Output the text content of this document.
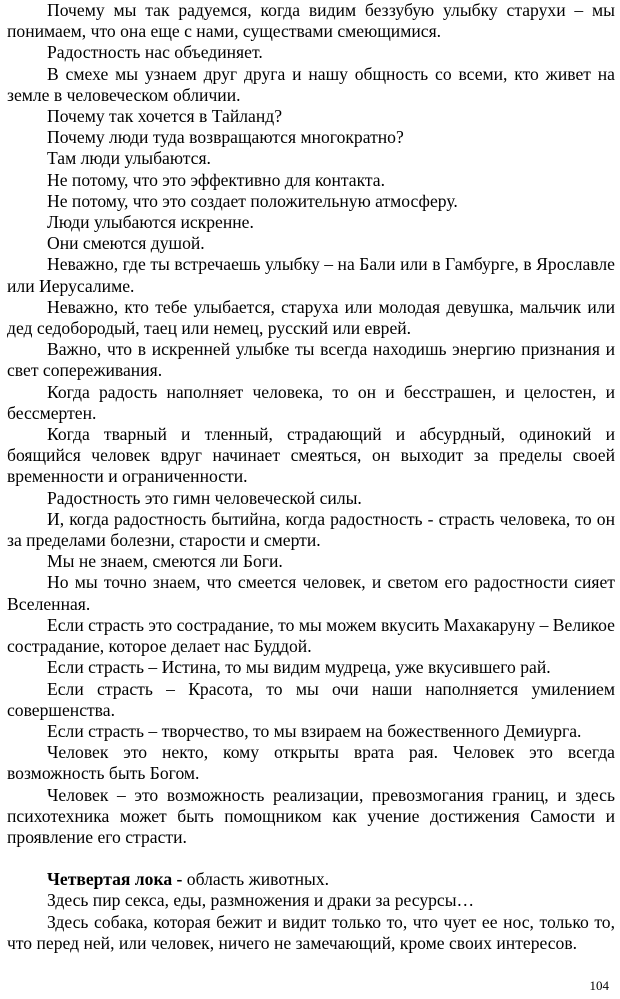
Почему мы так радуемся, когда видим беззубую улыбку старухи – мы понимаем, что она еще с нами, существами смеющимися.

Радостность нас объединяет.

В смехе мы узнаем друг друга и нашу общность со всеми, кто живет на земле в человеческом обличии.

Почему так хочется в Тайланд?

Почему люди туда возвращаются многократно?

Там люди улыбаются.

Не потому, что это эффективно для контакта.

Не потому, что это создает положительную атмосферу.

Люди улыбаются искренне.

Они смеются душой.

Неважно, где ты встречаешь улыбку – на Бали или в Гамбурге, в Ярославле или Иерусалиме.

Неважно, кто тебе улыбается, старуха или молодая девушка, мальчик или дед седобородый, таец или немец, русский или еврей.

Важно, что в искренней улыбке ты всегда находишь энергию признания и свет сопереживания.

Когда радость наполняет человека, то он и бесстрашен, и целостен, и бессмертен.

Когда тварный и тленный, страдающий и абсурдный, одинокий и боящийся человек вдруг начинает смеяться, он выходит за пределы своей временности и ограниченности.

Радостность это гимн человеческой силы.

И, когда радостность бытийна, когда радостность - страсть человека, то он за пределами болезни, старости и смерти.

Мы не знаем, смеются ли Боги.

Но мы точно знаем, что смеется человек, и светом его радостности сияет Вселенная.

Если страсть это сострадание, то мы можем вкусить Махакаруну – Великое сострадание, которое делает нас Буддой.

Если страсть – Истина, то мы видим мудреца, уже вкусившего рай.

Если страсть – Красота, то мы очи наши наполняется умилением совершенства.

Если страсть – творчество, то мы взираем на божественного Демиурга.

Человек это некто, кому открыты врата рая. Человек это всегда возможность быть Богом.

Человек – это возможность реализации, превозмогания границ, и здесь психотехника может быть помощником как учение достижения Самости и проявление его страсти.

Четвертая лока - область животных.

Здесь пир секса, еды, размножения и драки за ресурсы…

Здесь собака, которая бежит и видит только то, что чует ее нос, только то, что перед ней, или человек, ничего не замечающий, кроме своих интересов.

104
